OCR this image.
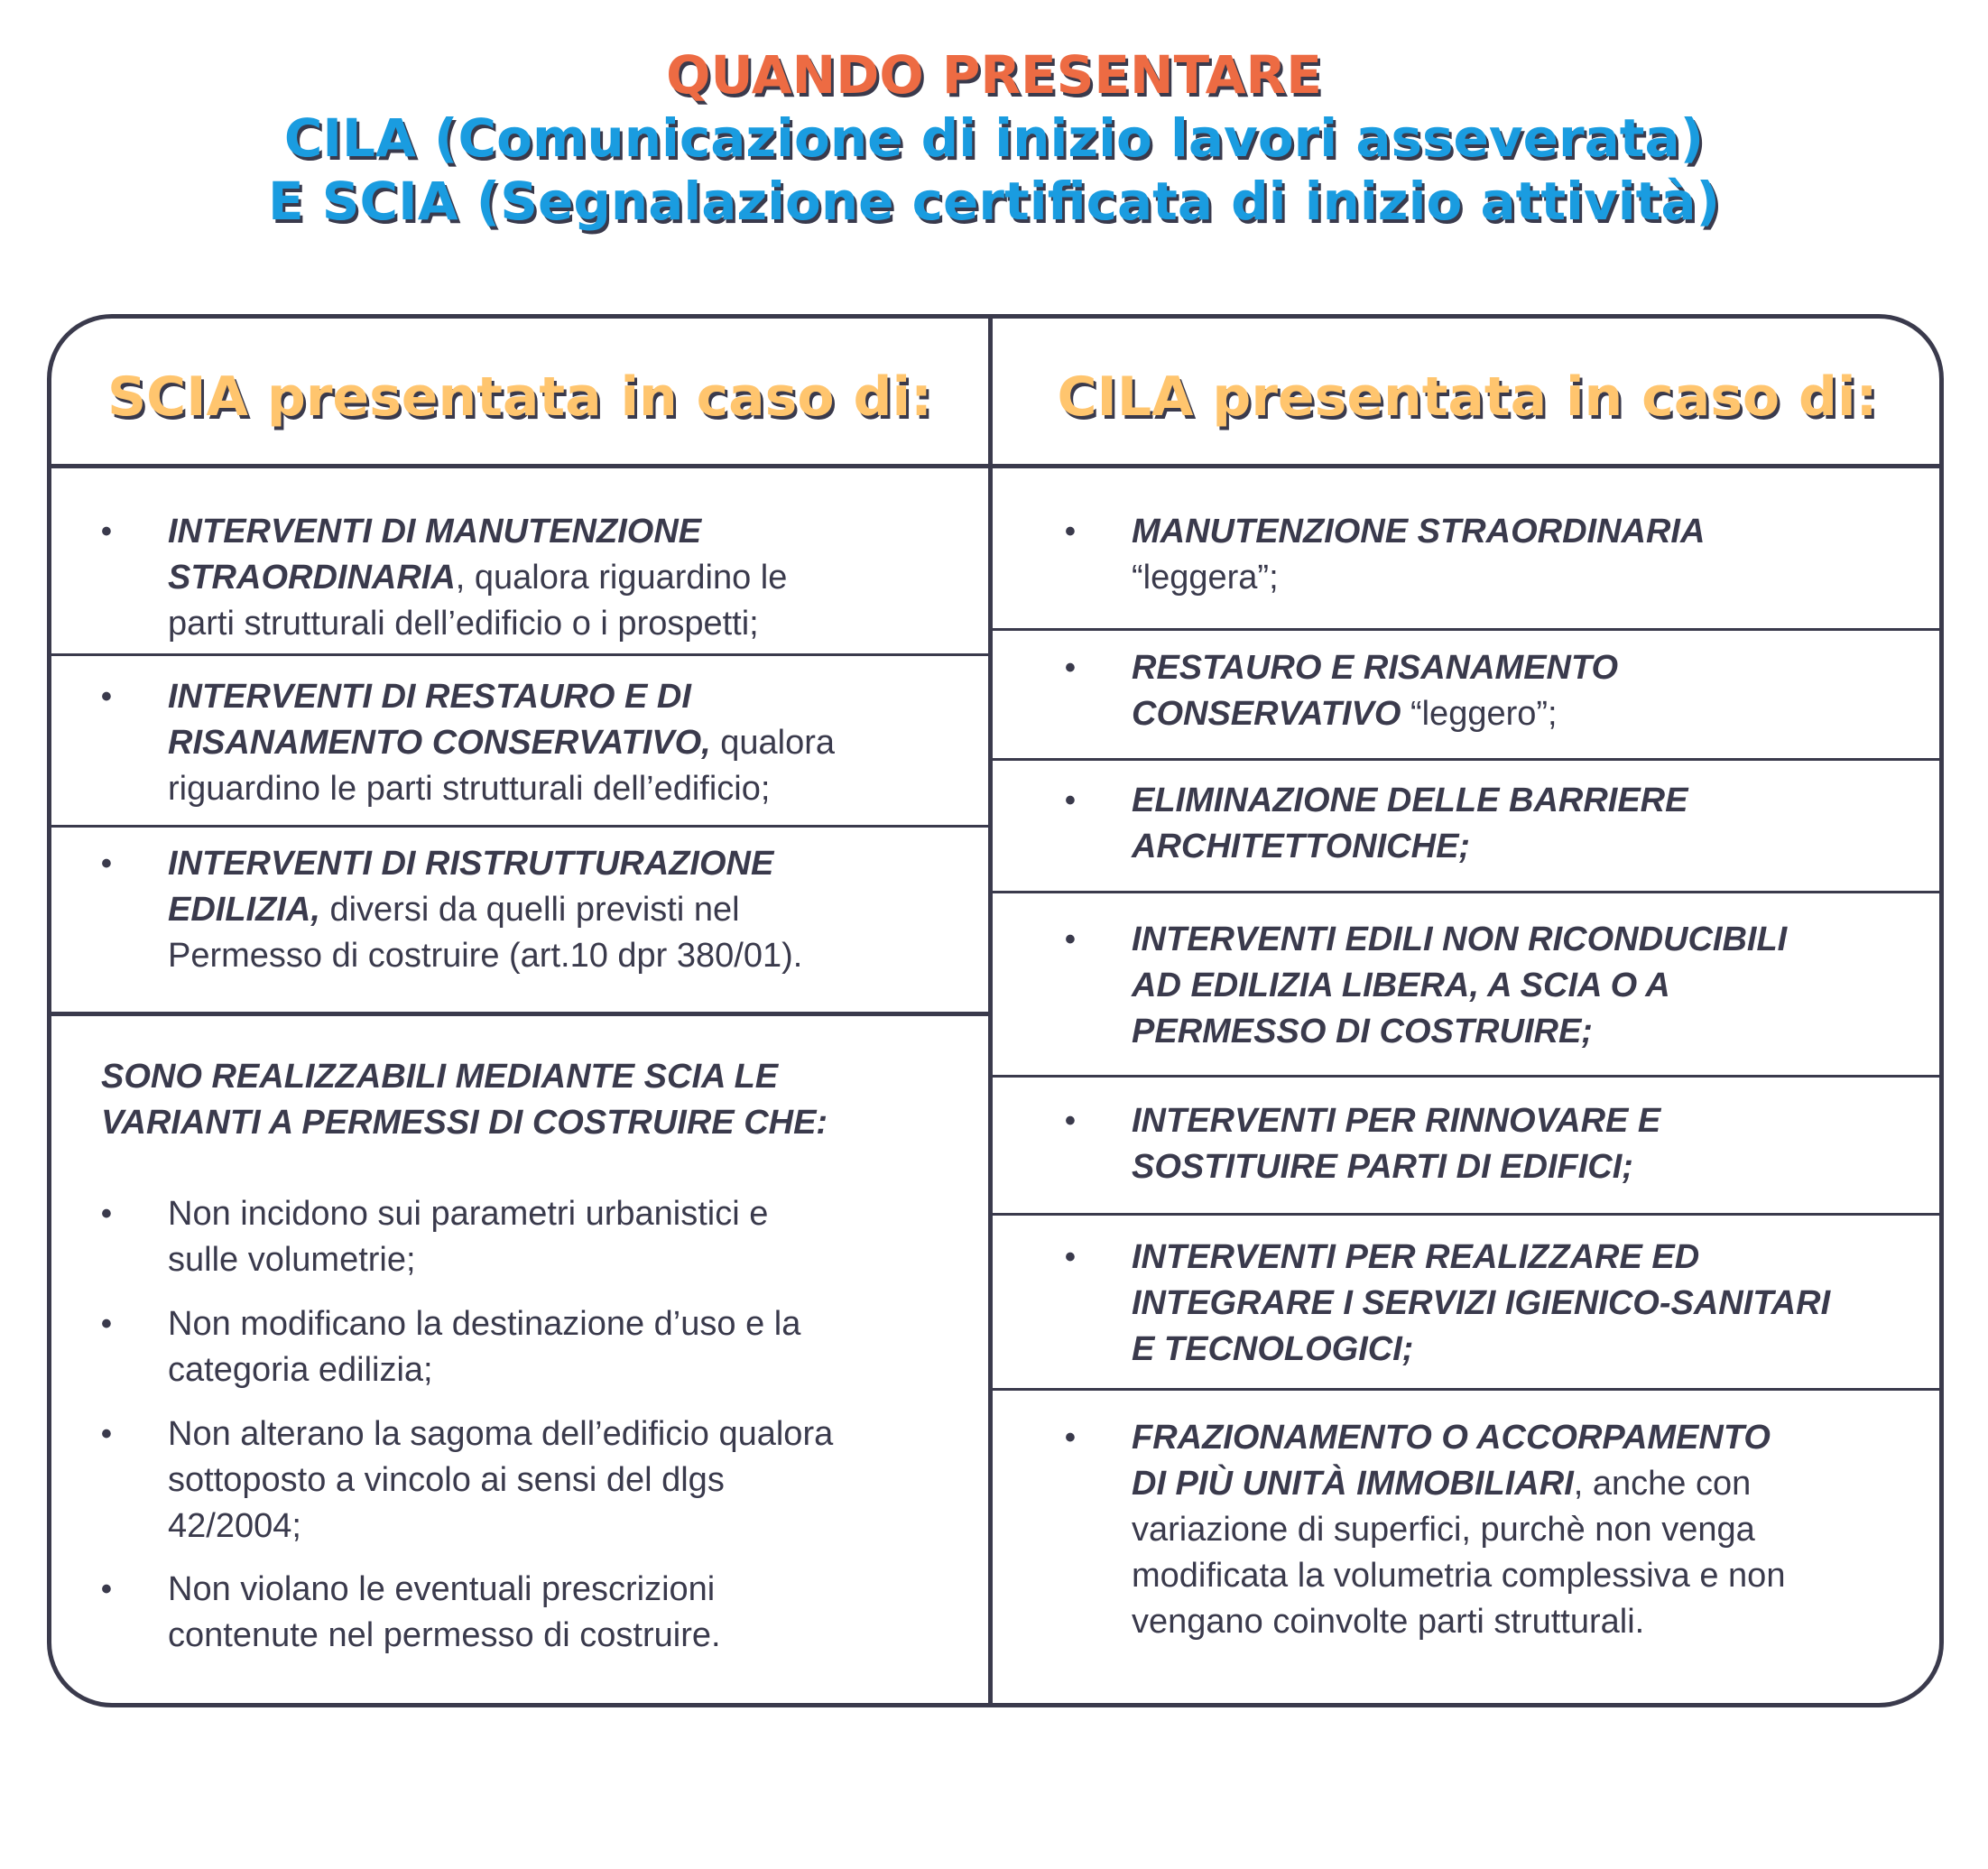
QUANDO PRESENTARE
CILA (Comunicazione di inizio lavori asseverata)
E SCIA (Segnalazione certificata di inizio attività)
SCIA presentata in caso di:	CILA presentata in caso di:
• INTERVENTI DI MANUTENZIONE
STRAORDINARIA, qualora riguardino le
parti strutturali dell’edificio o i prospetti;
• INTERVENTI DI RESTAURO E DI
RISANAMENTO CONSERVATIVO, qualora
riguardino le parti strutturali dell’edificio;
• INTERVENTI DI RISTRUTTURAZIONE
EDILIZIA, diversi da quelli previsti nel
Permesso di costruire (art.10 dpr 380/01).
SONO REALIZZABILI MEDIANTE SCIA LE
VARIANTI A PERMESSI DI COSTRUIRE CHE:
• Non incidono sui parametri urbanistici e
sulle volumetrie;
• Non modificano la destinazione d’uso e la
categoria edilizia;
• Non alterano la sagoma dell’edificio qualora
sottoposto a vincolo ai sensi del dlgs
42/2004;
• Non violano le eventuali prescrizioni
contenute nel permesso di costruire.
• MANUTENZIONE STRAORDINARIA
“leggera”;
• RESTAURO E RISANAMENTO
CONSERVATIVO “leggero”;
• ELIMINAZIONE DELLE BARRIERE
ARCHITETTONICHE;
• INTERVENTI EDILI NON RICONDUCIBILI
AD EDILIZIA LIBERA, A SCIA O A
PERMESSO DI COSTRUIRE;
• INTERVENTI PER RINNOVARE E
SOSTITUIRE PARTI DI EDIFICI;
• INTERVENTI PER REALIZZARE ED
INTEGRARE I SERVIZI IGIENICO-SANITARI
E TECNOLOGICI;
• FRAZIONAMENTO O ACCORPAMENTO
DI PIÙ UNITÀ IMMOBILIARI, anche con
variazione di superfici, purchè non venga
modificata la volumetria complessiva e non
vengano coinvolte parti strutturali.
